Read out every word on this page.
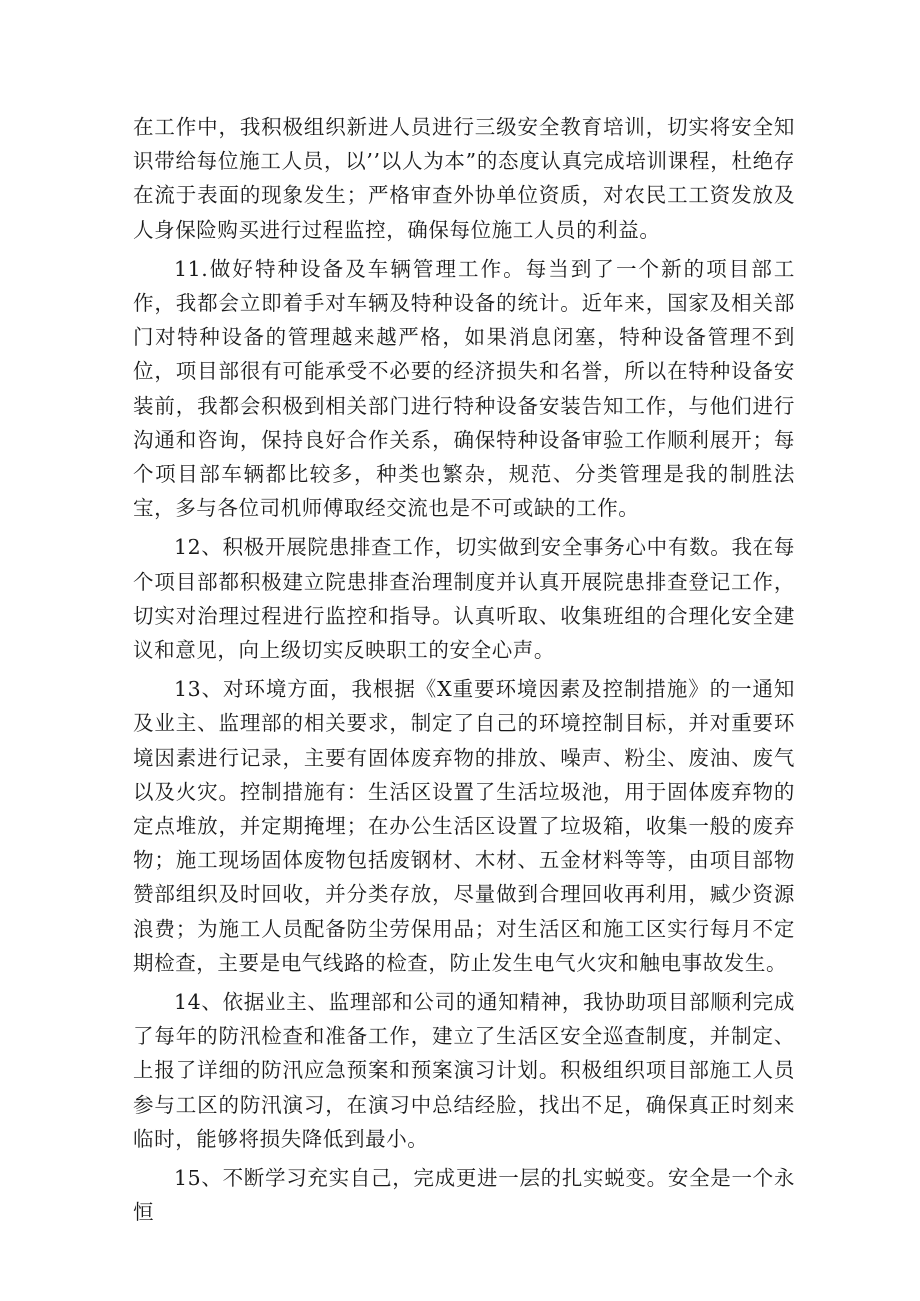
在工作中，我积极组织新进人员进行三级安全教育培训，切实将安全知识带给每位施工人员，以’’以人为本”的态度认真完成培训课程，杜绝存在流于表面的现象发生；严格审查外协单位资质，对农民工工资发放及人身保险购买进行过程监控，确保每位施工人员的利益。

11.做好特种设备及车辆管理工作。每当到了一个新的项目部工作，我都会立即着手对车辆及特种设备的统计。近年来，国家及相关部门对特种设备的管理越来越严格，如果消息闭塞，特种设备管理不到位，项目部很有可能承受不必要的经济损失和名誉，所以在特种设备安装前，我都会积极到相关部门进行特种设备安装告知工作，与他们进行沟通和咨询，保持良好合作关系，确保特种设备审验工作顺利展开；每个项目部车辆都比较多，种类也繁杂，规范、分类管理是我的制胜法宝，多与各位司机师傅取经交流也是不可或缺的工作。

12、积极开展院患排查工作，切实做到安全事务心中有数。我在每个项目部都积极建立院患排查治理制度并认真开展院患排查登记工作，切实对治理过程进行监控和指导。认真听取、收集班组的合理化安全建议和意见，向上级切实反映职工的安全心声。

13、对环境方面，我根据《X重要环境因素及控制措施》的一通知及业主、监理部的相关要求，制定了自己的环境控制目标，并对重要环境因素进行记录，主要有固体废弃物的排放、噪声、粉尘、废油、废气以及火灾。控制措施有：生活区设置了生活垃圾池，用于固体废弃物的定点堆放，并定期掩埋；在办公生活区设置了垃圾箱，收集一般的废弃物；施工现场固体废物包括废钢材、木材、五金材料等等，由项目部物赞部组织及时回收，并分类存放，尽量做到合理回收再利用，臧少资源浪费；为施工人员配备防尘劳保用品；对生活区和施工区实行每月不定期检查，主要是电气线路的检查，防止发生电气火灾和触电事故发生。

14、依据业主、监理部和公司的通知精神，我协助项目部顺利完成了每年的防汛检查和准备工作，建立了生活区安全巡查制度，并制定、上报了详细的防汛应急预案和预案演习计划。积极组织项目部施工人员参与工区的防汛演习，在演习中总结经脸，找出不足，确保真正时刻来临时，能够将损失降低到最小。

15、不断学习充实自己，完成更进一层的扎实蜕变。安全是一个永恒
